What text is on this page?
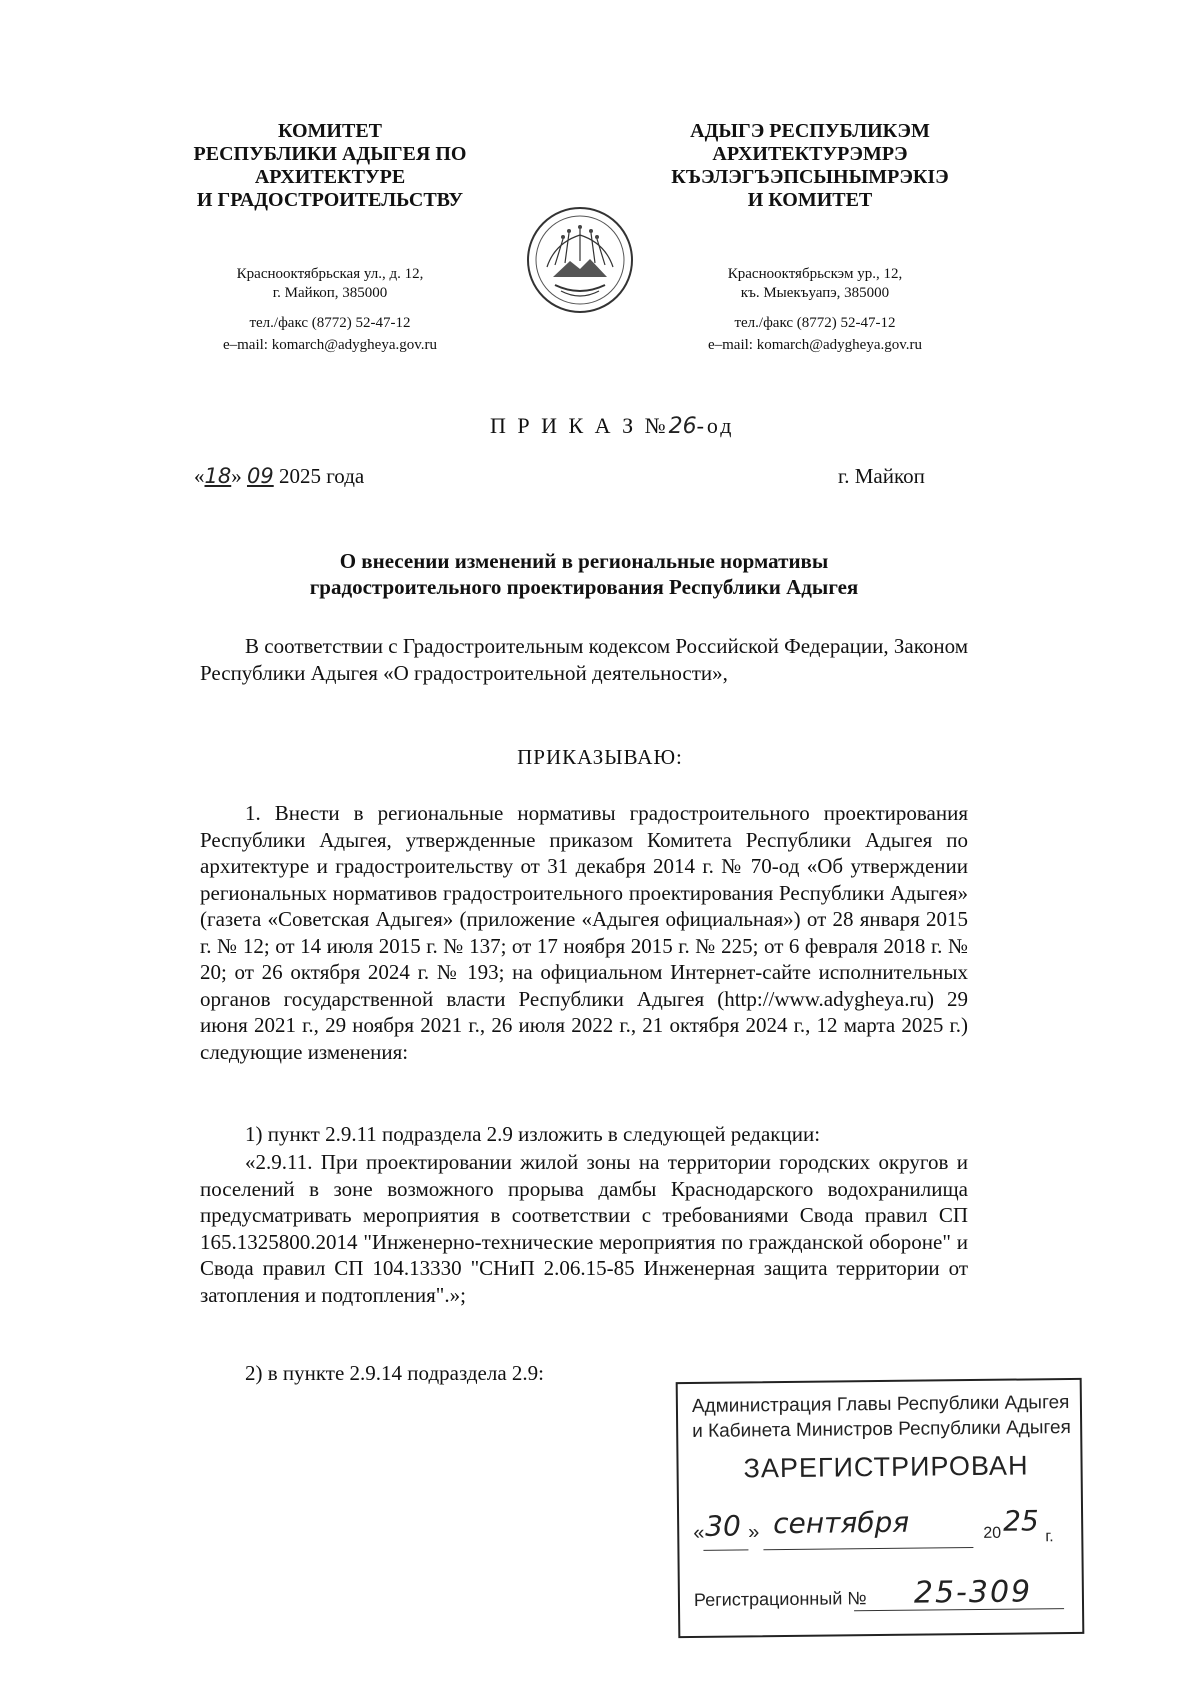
КОМИТЕТ
РЕСПУБЛИКИ АДЫГЕЯ ПО
АРХИТЕКТУРЕ
И ГРАДОСТРОИТЕЛЬСТВУ
Краснооктябрьская ул., д. 12,
г. Майкоп, 385000
тел./факс (8772) 52-47-12
e–mail: komarch@adygheya.gov.ru
АДЫГЭ РЕСПУБЛИКЭМ
АРХИТЕКТУРЭМРЭ
КЪЭЛЭГЪЭПСЫНЫМРЭКIЭ
И КОМИТЕТ
Краснооктябрьскэм ур., 12,
къ. Мыекъуапэ, 385000
тел./факс (8772) 52-47-12
e–mail: komarch@adygheya.gov.ru
П Р И К А З №26-од
«18» 09 2025 года	г. Майкоп
О внесении изменений в региональные нормативы
градостроительного проектирования Республики Адыгея
В соответствии с Градостроительным кодексом Российской Федерации, Законом Республики Адыгея «О градостроительной деятельности»,
ПРИКАЗЫВАЮ:
1. Внести в региональные нормативы градостроительного проектирования Республики Адыгея, утвержденные приказом Комитета Республики Адыгея по архитектуре и градостроительству от 31 декабря 2014 г. № 70-од «Об утверждении региональных нормативов градостроительного проектирования Республики Адыгея» (газета «Советская Адыгея» (приложение «Адыгея официальная») от 28 января 2015 г. № 12; от 14 июля 2015 г. № 137; от 17 ноября 2015 г. № 225; от 6 февраля 2018 г. № 20; от 26 октября 2024 г. № 193; на официальном Интернет-сайте исполнительных органов государственной власти Республики Адыгея (http://www.adygheya.ru) 29 июня 2021 г., 29 ноября 2021 г., 26 июля 2022 г., 21 октября 2024 г., 12 марта 2025 г.) следующие изменения:
1) пункт 2.9.11 подраздела 2.9 изложить в следующей редакции:
«2.9.11. При проектировании жилой зоны на территории городских округов и поселений в зоне возможного прорыва дамбы Краснодарского водохранилища предусматривать мероприятия в соответствии с требованиями Свода правил СП 165.1325800.2014 "Инженерно-технические мероприятия по гражданской обороне" и Свода правил СП 104.13330 "СНиП 2.06.15-85 Инженерная защита территории от затопления и подтопления".»;
2) в пункте 2.9.14 подраздела 2.9:
Администрация Главы Республики Адыгея
и Кабинета Министров Республики Адыгея
ЗАРЕГИСТРИРОВАН
« 30 » сентября	20 25 г.
Регистрационный № 25-309
